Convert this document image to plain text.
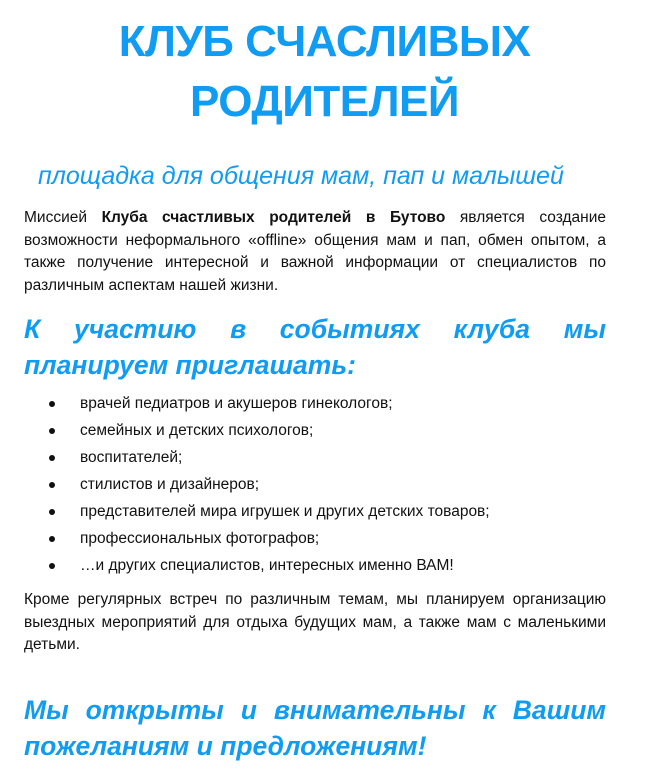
КЛУБ СЧАСЛИВЫХ
РОДИТЕЛЕЙ

площадка для общения мам, пап и малышей

Миссией Клуба счастливых родителей в Бутово является создание возможности неформального «offline» общения мам и пап, обмен опытом, а также получение интересной и важной информации от специалистов по различным аспектам нашей жизни.

К участию в событиях клуба мы планируем приглашать:
врачей педиатров и акушеров гинекологов;
семейных и детских психологов;
воспитателей;
стилистов и дизайнеров;
представителей мира игрушек и других детских товаров;
профессиональных фотографов;
…и других специалистов, интересных именно ВАМ!

Кроме регулярных встреч по различным темам, мы планируем организацию выездных мероприятий для отдыха будущих мам, а также мам с маленькими детьми.

Мы открыты и внимательны к Вашим пожеланиям и предложениям!
